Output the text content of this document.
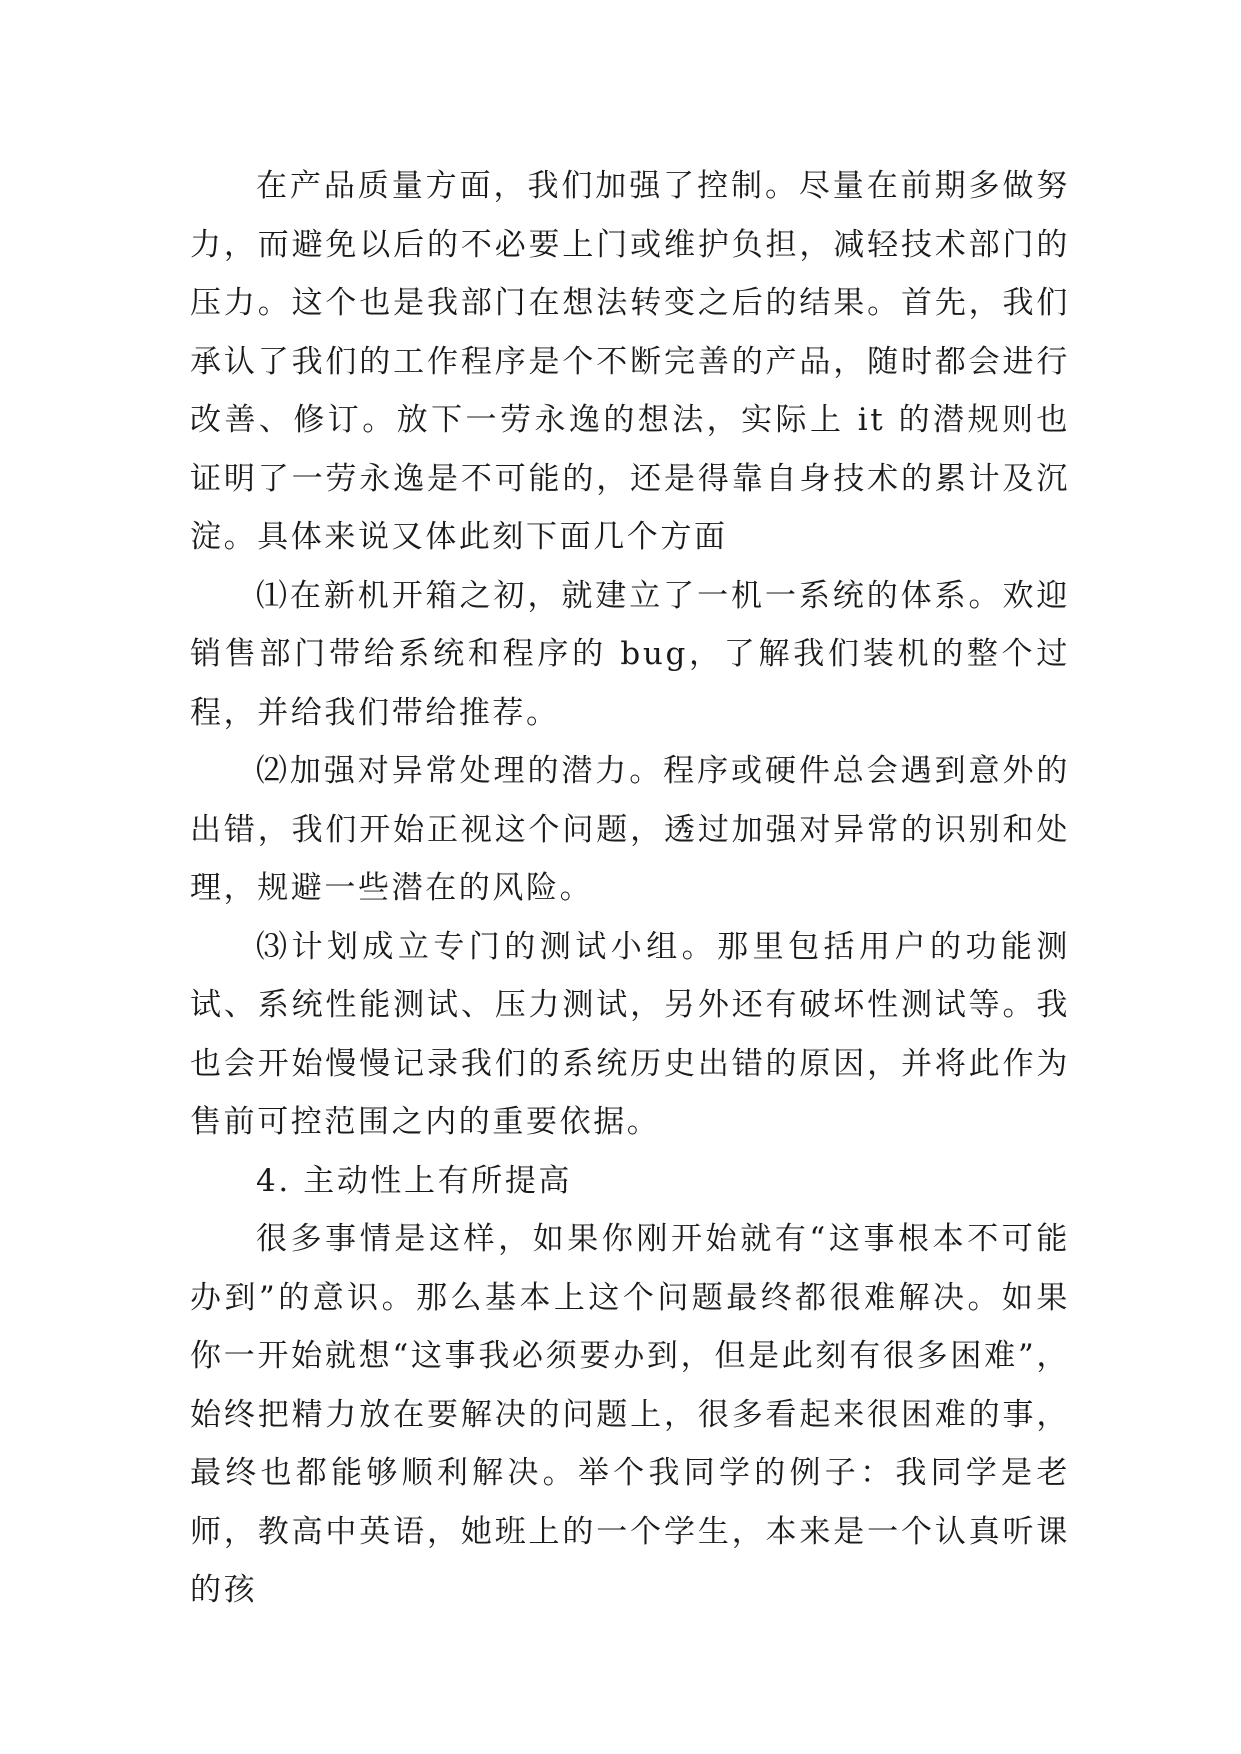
在产品质量方面，我们加强了控制。尽量在前期多做努力，而避免以后的不必要上门或维护负担，减轻技术部门的压力。这个也是我部门在想法转变之后的结果。首先，我们承认了我们的工作程序是个不断完善的产品，随时都会进行改善、修订。放下一劳永逸的想法，实际上 it 的潜规则也证明了一劳永逸是不可能的，还是得靠自身技术的累计及沉淀。具体来说又体此刻下面几个方面

⑴在新机开箱之初，就建立了一机一系统的体系。欢迎销售部门带给系统和程序的 bug，了解我们装机的整个过程，并给我们带给推荐。

⑵加强对异常处理的潜力。程序或硬件总会遇到意外的出错，我们开始正视这个问题，透过加强对异常的识别和处理，规避一些潜在的风险。

⑶计划成立专门的测试小组。那里包括用户的功能测试、系统性能测试、压力测试，另外还有破坏性测试等。我也会开始慢慢记录我们的系统历史出错的原因，并将此作为售前可控范围之内的重要依据。

4. 主动性上有所提高

很多事情是这样，如果你刚开始就有“这事根本不可能办到”的意识。那么基本上这个问题最终都很难解决。如果你一开始就想“这事我必须要办到，但是此刻有很多困难”，始终把精力放在要解决的问题上，很多看起来很困难的事，最终也都能够顺利解决。举个我同学的例子：我同学是老师，教高中英语，她班上的一个学生，本来是一个认真听课的孩
